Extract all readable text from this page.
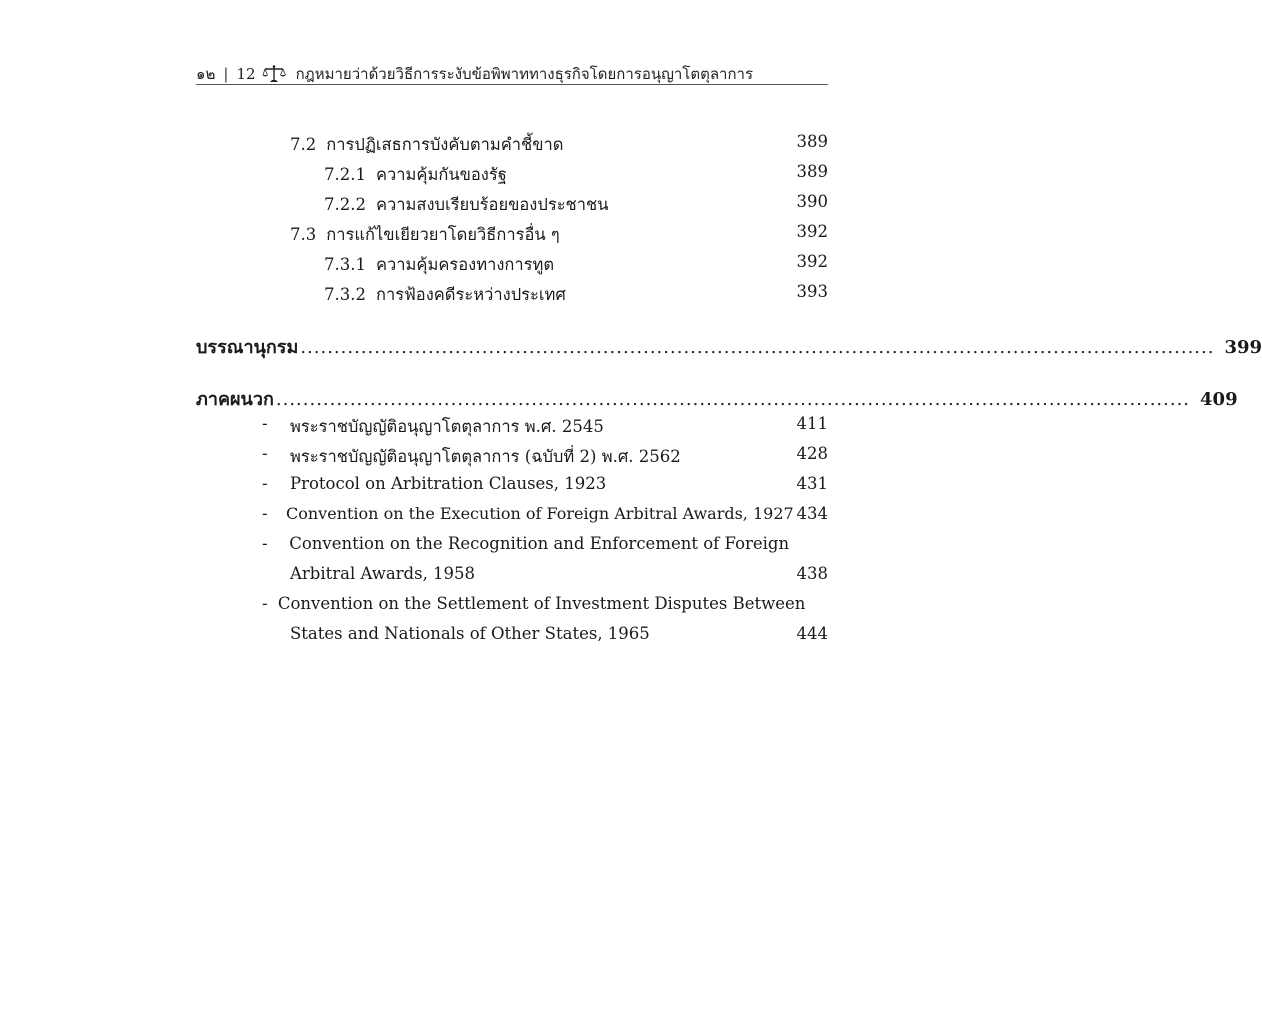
๑๒ | 12	กฎหมายว่าด้วยวิธีการระงับข้อพิพาททางธุรกิจโดยการอนุญาโตตุลาการ
7.2 การปฏิเสธการบังคับตามคำชี้ขาด	389
7.2.1 ความคุ้มกันของรัฐ	389
7.2.2 ความสงบเรียบร้อยของประชาชน	390
7.3 การแก้ไขเยียวยาโดยวิธีการอื่น ๆ	392
7.3.1 ความคุ้มครองทางการทูต	392
7.3.2 การฟ้องคดีระหว่างประเทศ	393
บรรณานุกรม ........................................................................................................................................ 399
ภาคผนวก ........................................................................................................................................ 409
-	พระราชบัญญัติอนุญาโตตุลาการ พ.ศ. 2545	411
-	พระราชบัญญัติอนุญาโตตุลาการ (ฉบับที่ 2) พ.ศ. 2562	428
-	Protocol on Arbitration Clauses, 1923	431
-	Convention on the Execution of Foreign Arbitral Awards, 1927 434
-	Convention on the Recognition and Enforcement of Foreign
Arbitral Awards, 1958	438
- Convention on the Settlement of Investment Disputes Between
States and Nationals of Other States, 1965	444
